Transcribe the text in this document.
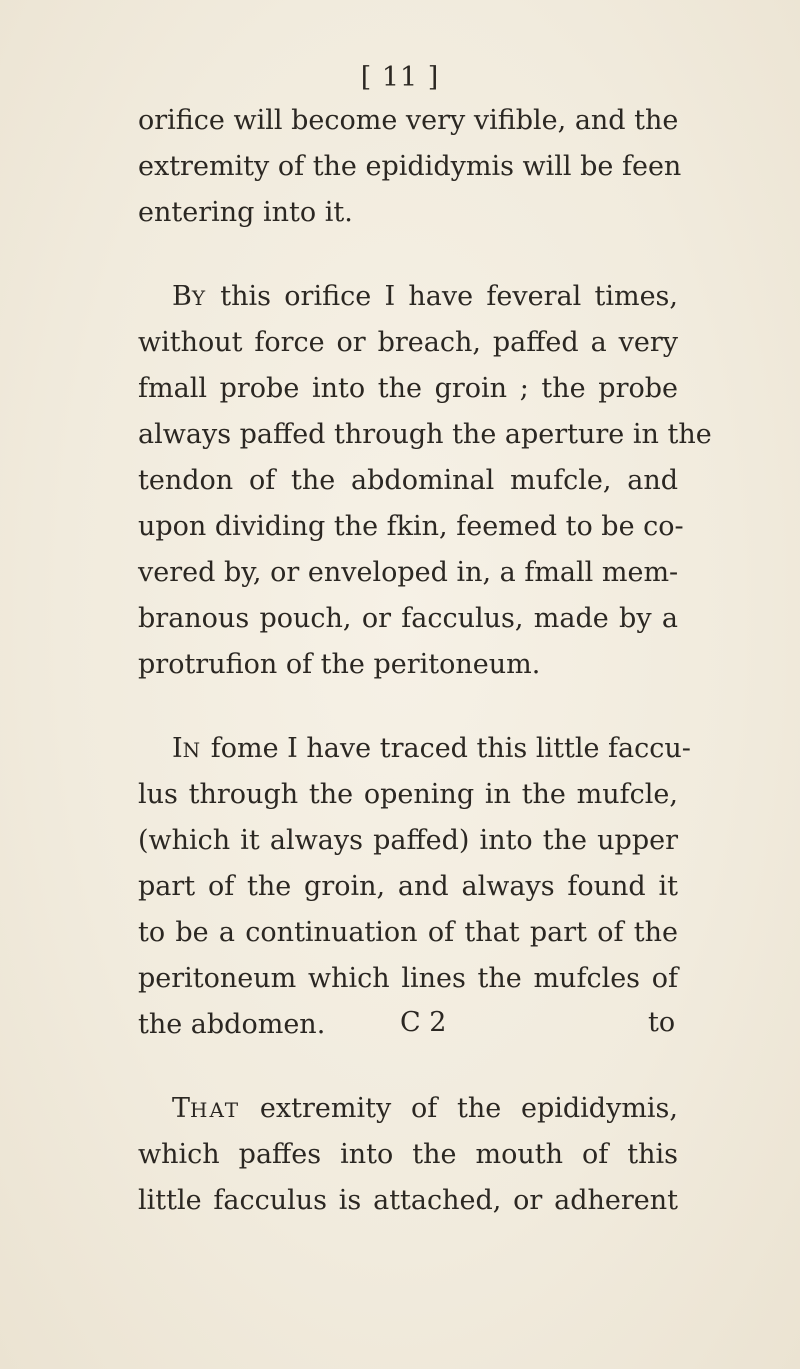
[ 11 ]
orifice will become very vifible, and the
extremity of the epididymis will be feen
entering into it.
BY this orifice I have feveral times,
without force or breach, paffed a very
fmall probe into the groin ; the probe
always paffed through the aperture in the
tendon of the abdominal mufcle, and
upon dividing the fkin, feemed to be co-
vered by, or enveloped in, a fmall mem-
branous pouch, or facculus, made by a
protrufion of the peritoneum.
IN fome I have traced this little faccu-
lus through the opening in the mufcle,
(which it always paffed) into the upper
part of the groin, and always found it
to be a continuation of that part of the
peritoneum which lines the mufcles of
the abdomen.
THAT extremity of the epididymis,
which paffes into the mouth of this
little facculus is attached, or adherent
C 2	to
